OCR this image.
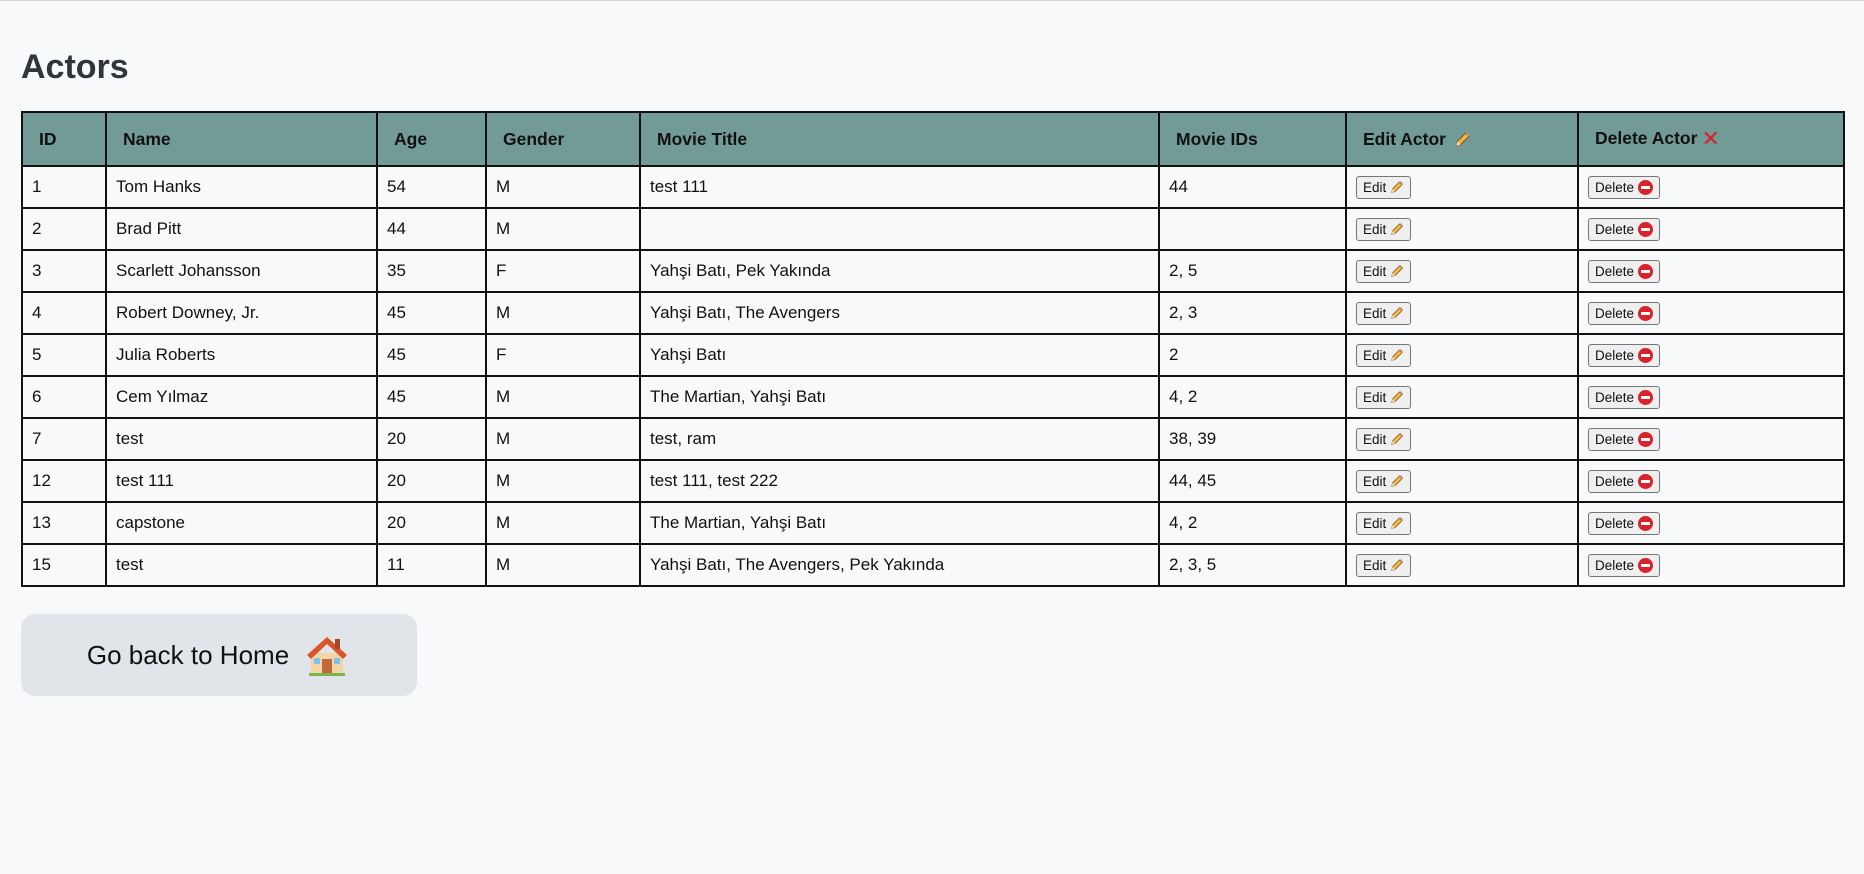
Actors
ID	Name	Age	Gender	Movie Title	Movie IDs	Edit Actor	Delete Actor ✕
1	Tom Hanks	54	M	test 111	44	Edit	Delete

2	Brad Pitt	44	M			Edit	Delete

3	Scarlett Johansson	35	F	Yahşi Batı, Pek Yakında	2, 5	Edit	Delete

4	Robert Downey, Jr.	45	M	Yahşi Batı, The Avengers	2, 3	Edit	Delete

5	Julia Roberts	45	F	Yahşi Batı	2	Edit	Delete

6	Cem Yılmaz	45	M	The Martian, Yahşi Batı	4, 2	Edit	Delete

7	test	20	M	test, ram	38, 39	Edit	Delete

12	test 111	20	M	test 111, test 222	44, 45	Edit	Delete

13	capstone	20	M	The Martian, Yahşi Batı	4, 2	Edit	Delete

15	test	11	M	Yahşi Batı, The Avengers, Pek Yakında	2, 3, 5	Edit	Delete
Go back to Home
